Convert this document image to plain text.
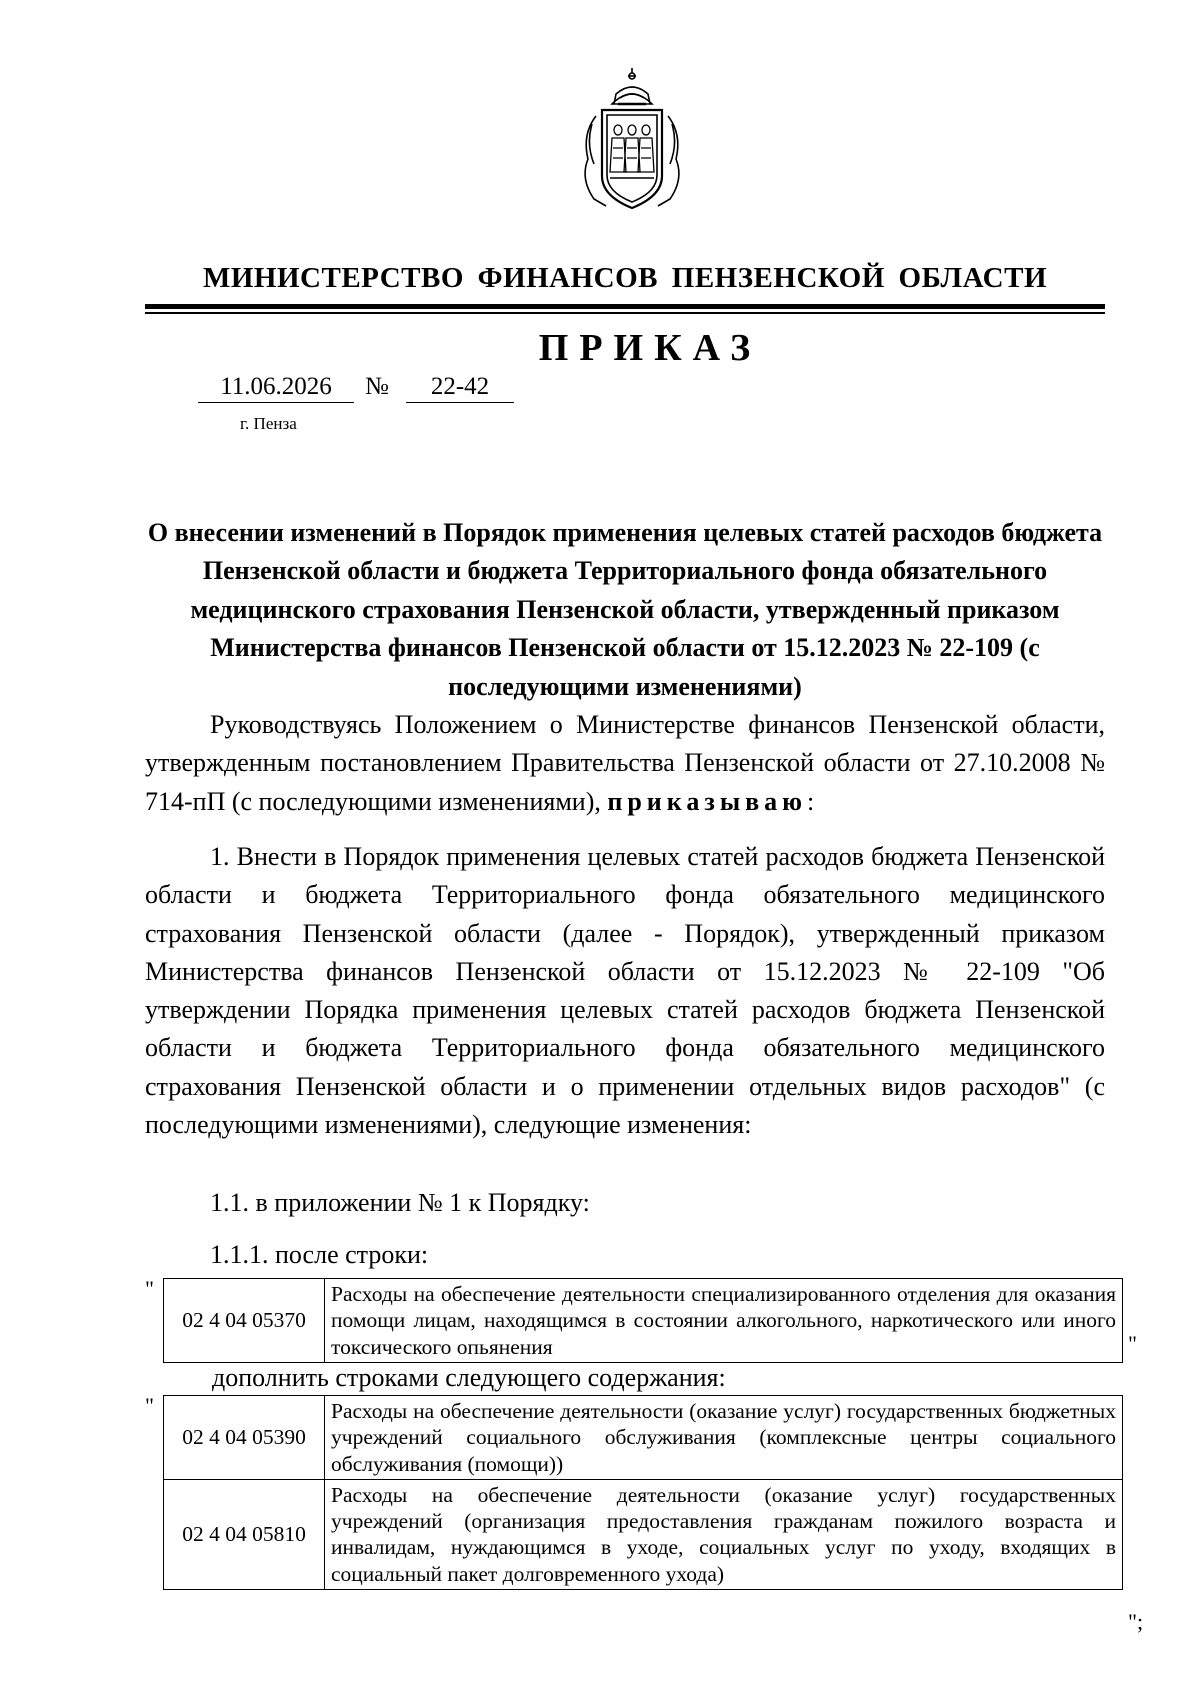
МИНИСТЕРСТВО ФИНАНСОВ ПЕНЗЕНСКОЙ ОБЛАСТИ
ПРИКАЗ
11.06.2026	№	22-42
г. Пенза
О внесении изменений в Порядок применения целевых статей расходов бюджета Пензенской области и бюджета Территориального фонда обязательного медицинского страхования Пензенской области, утвержденный приказом Министерства финансов Пензенской области от 15.12.2023 № 22-109 (с последующими изменениями)

Руководствуясь Положением о Министерстве финансов Пензенской области, утвержденным постановлением Правительства Пензенской области от 27.10.2008 № 714-пП (с последующими изменениями), приказываю:

1. Внести в Порядок применения целевых статей расходов бюджета Пензенской области и бюджета Территориального фонда обязательного медицинского страхования Пензенской области (далее - Порядок), утвержденный приказом Министерства финансов Пензенской области от 15.12.2023 № 22-109 "Об утверждении Порядка применения целевых статей расходов бюджета Пензенской области и бюджета Территориального фонда обязательного медицинского страхования Пензенской области и о применении отдельных видов расходов" (с последующими изменениями), следующие изменения:

1.1. в приложении № 1 к Порядку:

1.1.1. после строки:

"
02 4 04 05370	Расходы на обеспечение деятельности специализированного отделения для оказания помощи лицам, находящимся в состоянии алкогольного, наркотического или иного токсического опьянения	"
дополнить строками следующего содержания:
"
02 4 04 05390	Расходы на обеспечение деятельности (оказание услуг) государственных бюджетных учреждений социального обслуживания (комплексные центры социального обслуживания (помощи))
02 4 04 05810	Расходы на обеспечение деятельности (оказание услуг) государственных учреждений (организация предоставления гражданам пожилого возраста и инвалидам, нуждающимся в уходе, социальных услуг по уходу, входящих в социальный пакет долговременного ухода)
";
